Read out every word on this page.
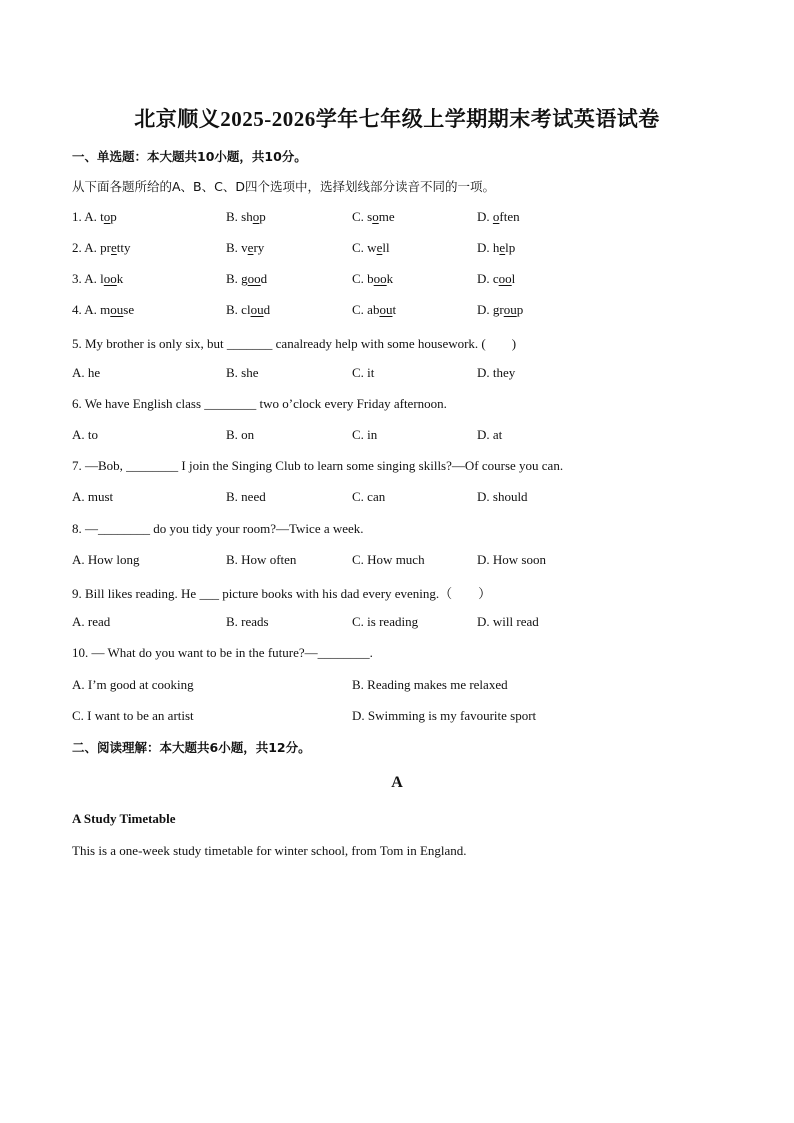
北京顺义2025-2026学年七年级上学期期末考试英语试卷
一、单选题：本大题共10小题，共10分。
从下面各题所给的A、B、C、D四个选项中，选择划线部分读音不同的一项。
1. A. top	B. shop	C. some	D. often
2. A. pretty	B. very	C. well	D. help
3. A. look	B. good	C. book	D. cool
4. A. mouse	B. cloud	C. about	D. group
5. My brother is only six, but _______ canalready help with some housework. (　　)
A. he	B. she	C. it	D. they
6. We have English class ________ two o’clock every Friday afternoon.
A. to	B. on	C. in	D. at
7. —Bob, ________ I join the Singing Club to learn some singing skills?—Of course you can.
A. must	B. need	C. can	D. should
8. —________ do you tidy your room?—Twice a week.
A. How long	B. How often	C. How much	D. How soon
9. Bill likes reading. He ___ picture books with his dad every evening.（　　）
A. read	B. reads	C. is reading	D. will read
10. — What do you want to be in the future?—________.
A. I’m good at cooking	B. Reading makes me relaxed
C. I want to be an artist	D. Swimming is my favourite sport
二、阅读理解：本大题共6小题，共12分。
A
A Study Timetable
This is a one-week study timetable for winter school, from Tom in England.
